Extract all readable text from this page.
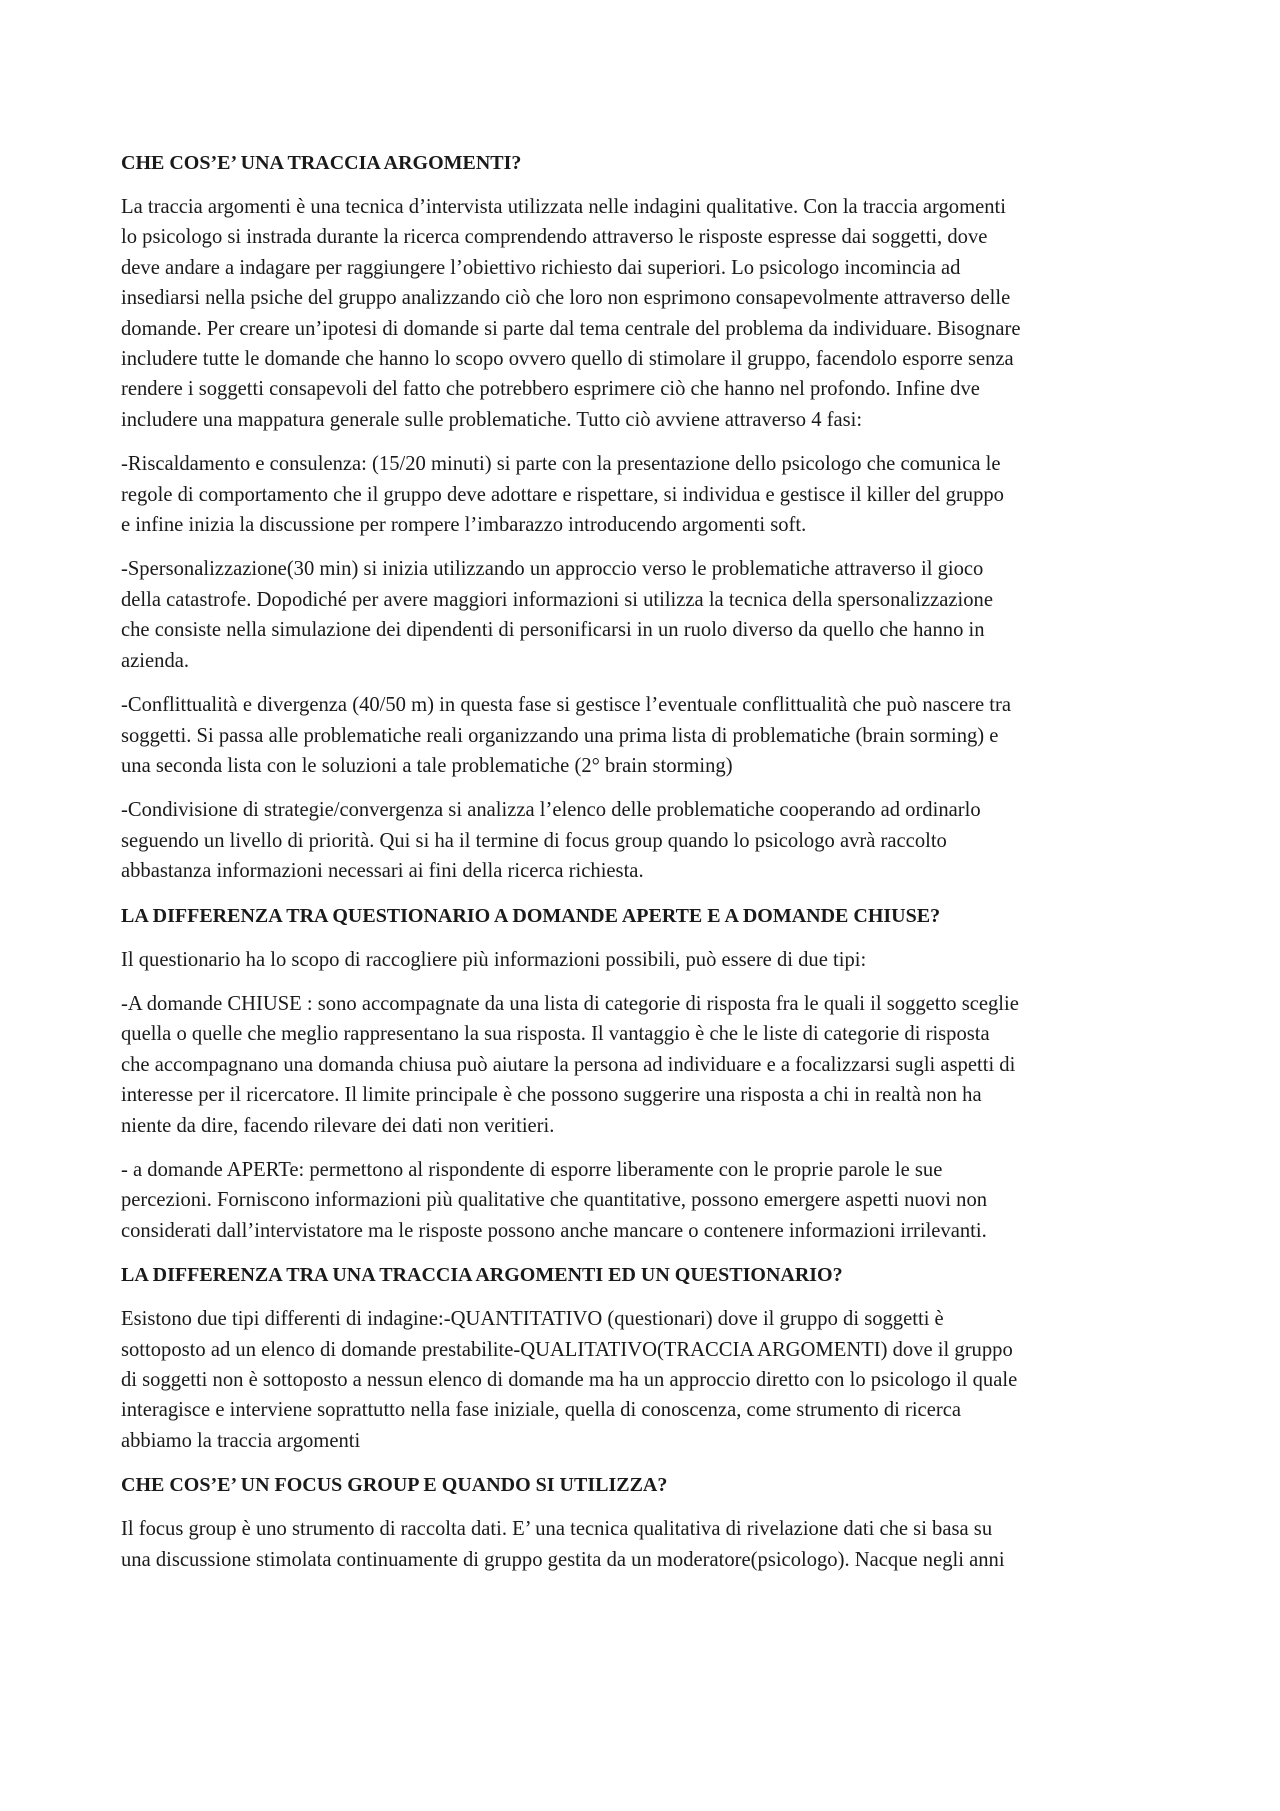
CHE COS’E’ UNA TRACCIA ARGOMENTI?
La traccia argomenti è una tecnica d’intervista utilizzata nelle indagini qualitative. Con la traccia argomenti
lo psicologo si instrada durante la ricerca comprendendo attraverso le risposte espresse dai soggetti, dove
deve andare a indagare per raggiungere l’obiettivo richiesto dai superiori. Lo psicologo incomincia ad
insediarsi nella psiche del gruppo analizzando ciò che loro non esprimono consapevolmente attraverso delle
domande. Per creare un’ipotesi di domande si parte dal tema centrale del problema da individuare. Bisognare
includere tutte le domande che hanno lo scopo ovvero quello di stimolare il gruppo, facendolo esporre senza
rendere i soggetti consapevoli del fatto che potrebbero esprimere ciò che hanno nel profondo. Infine dve
includere una mappatura generale sulle problematiche. Tutto ciò avviene attraverso 4 fasi:
-Riscaldamento e consulenza: (15/20 minuti) si parte con la presentazione dello psicologo che comunica le
regole di comportamento che il gruppo deve adottare e rispettare, si individua e gestisce il killer del gruppo
e infine inizia la discussione per rompere l’imbarazzo introducendo argomenti soft.
-Spersonalizzazione(30 min) si inizia utilizzando un approccio verso le problematiche attraverso il gioco
della catastrofe. Dopodiché per avere maggiori informazioni si utilizza la tecnica della spersonalizzazione
che consiste nella simulazione dei dipendenti di personificarsi in un ruolo diverso da quello che hanno in
azienda.
-Conflittualità e divergenza (40/50 m) in questa fase si gestisce l’eventuale conflittualità che può nascere tra
soggetti. Si passa alle problematiche reali organizzando una prima lista di problematiche (brain sorming) e
una seconda lista con le soluzioni a tale problematiche (2° brain storming)
-Condivisione di strategie/convergenza si analizza l’elenco delle problematiche cooperando ad ordinarlo
seguendo un livello di priorità. Qui si ha il termine di focus group quando lo psicologo avrà raccolto
abbastanza informazioni necessari ai fini della ricerca richiesta.
LA DIFFERENZA TRA QUESTIONARIO A DOMANDE APERTE E A DOMANDE CHIUSE?
Il questionario ha lo scopo di raccogliere più informazioni possibili, può essere di due tipi:
-A domande CHIUSE : sono accompagnate da una lista di categorie di risposta fra le quali il soggetto sceglie
quella o quelle che meglio rappresentano la sua risposta. Il vantaggio è che le liste di categorie di risposta
che accompagnano una domanda chiusa può aiutare la persona ad individuare e a focalizzarsi sugli aspetti di
interesse per il ricercatore. Il limite principale è che possono suggerire una risposta a chi in realtà non ha
niente da dire, facendo rilevare dei dati non veritieri.
- a domande APERTe: permettono al rispondente di esporre liberamente con le proprie parole le sue
percezioni. Forniscono informazioni più qualitative che quantitative, possono emergere aspetti nuovi non
considerati dall’intervistatore ma le risposte possono anche mancare o contenere informazioni irrilevanti.
LA DIFFERENZA TRA UNA TRACCIA ARGOMENTI ED UN QUESTIONARIO?
Esistono due tipi differenti di indagine:-QUANTITATIVO (questionari) dove il gruppo di soggetti è
sottoposto ad un elenco di domande prestabilite-QUALITATIVO(TRACCIA ARGOMENTI) dove il gruppo
di soggetti non è sottoposto a nessun elenco di domande ma ha un approccio diretto con lo psicologo il quale
interagisce e interviene soprattutto nella fase iniziale, quella di conoscenza, come strumento di ricerca
abbiamo la traccia argomenti
CHE COS’E’ UN FOCUS GROUP E QUANDO SI UTILIZZA?
Il focus group è uno strumento di raccolta dati. E’ una tecnica qualitativa di rivelazione dati che si basa su
una discussione stimolata continuamente di gruppo gestita da un moderatore(psicologo). Nacque negli anni
